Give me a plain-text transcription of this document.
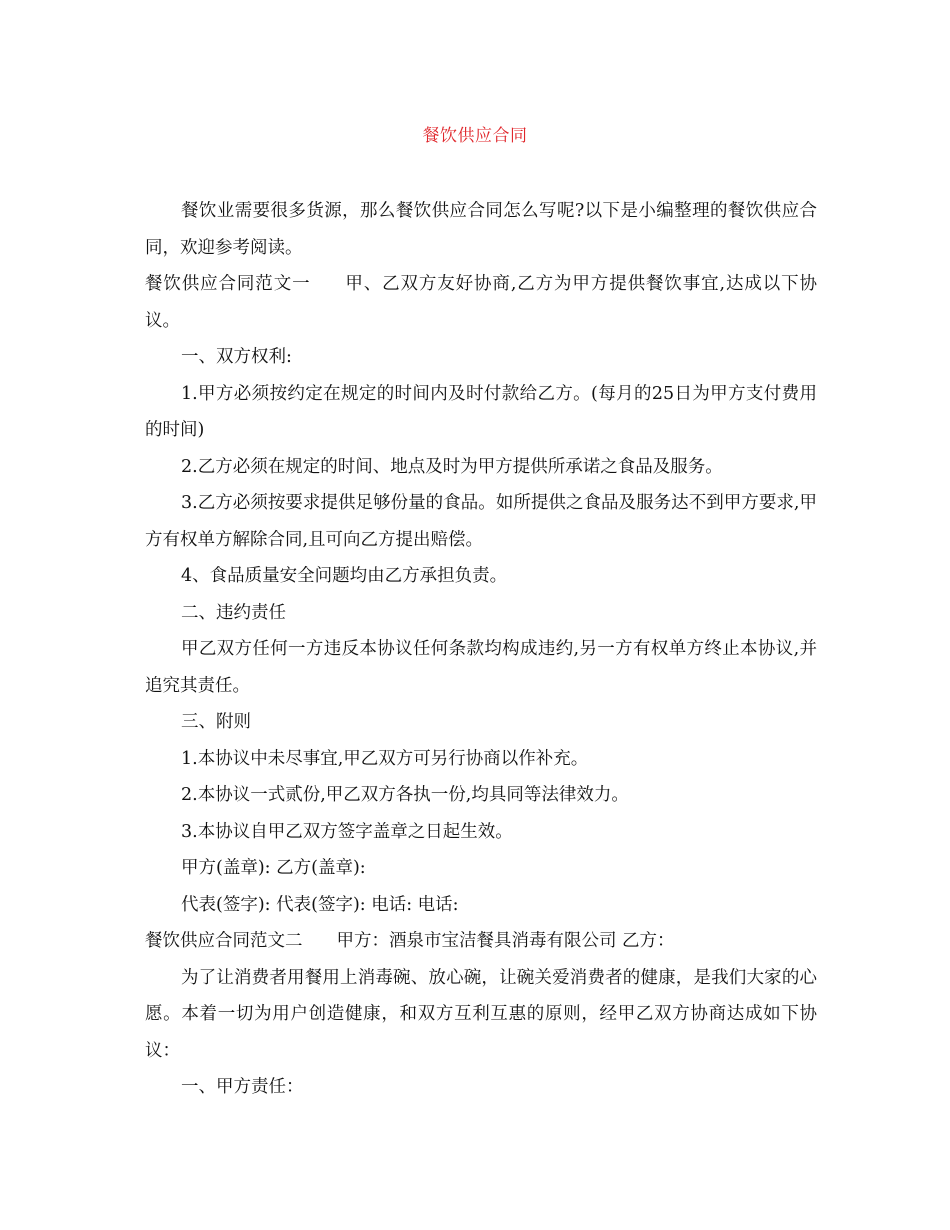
餐饮供应合同

餐饮业需要很多货源，那么餐饮供应合同怎么写呢?以下是小编整理的餐饮供应合同，欢迎参考阅读。

餐饮供应合同范文一 甲、乙双方友好协商,乙方为甲方提供餐饮事宜,达成以下协议。

一、双方权利:

1.甲方必须按约定在规定的时间内及时付款给乙方。(每月的25日为甲方支付费用的时间)

2.乙方必须在规定的时间、地点及时为甲方提供所承诺之食品及服务。

3.乙方必须按要求提供足够份量的食品。如所提供之食品及服务达不到甲方要求,甲方有权单方解除合同,且可向乙方提出赔偿。

4、食品质量安全问题均由乙方承担负责。

二、违约责任

甲乙双方任何一方违反本协议任何条款均构成违约,另一方有权单方终止本协议,并追究其责任。

三、附则

1.本协议中未尽事宜,甲乙双方可另行协商以作补充。

2.本协议一式贰份,甲乙双方各执一份,均具同等法律效力。

3.本协议自甲乙双方签字盖章之日起生效。

甲方(盖章): 乙方(盖章):

代表(签字): 代表(签字): 电话: 电话:

餐饮供应合同范文二 甲方：酒泉市宝洁餐具消毒有限公司 乙方：

为了让消费者用餐用上消毒碗、放心碗，让碗关爱消费者的健康，是我们大家的心愿。本着一切为用户创造健康，和双方互利互惠的原则，经甲乙双方协商达成如下协议：

一、甲方责任：
